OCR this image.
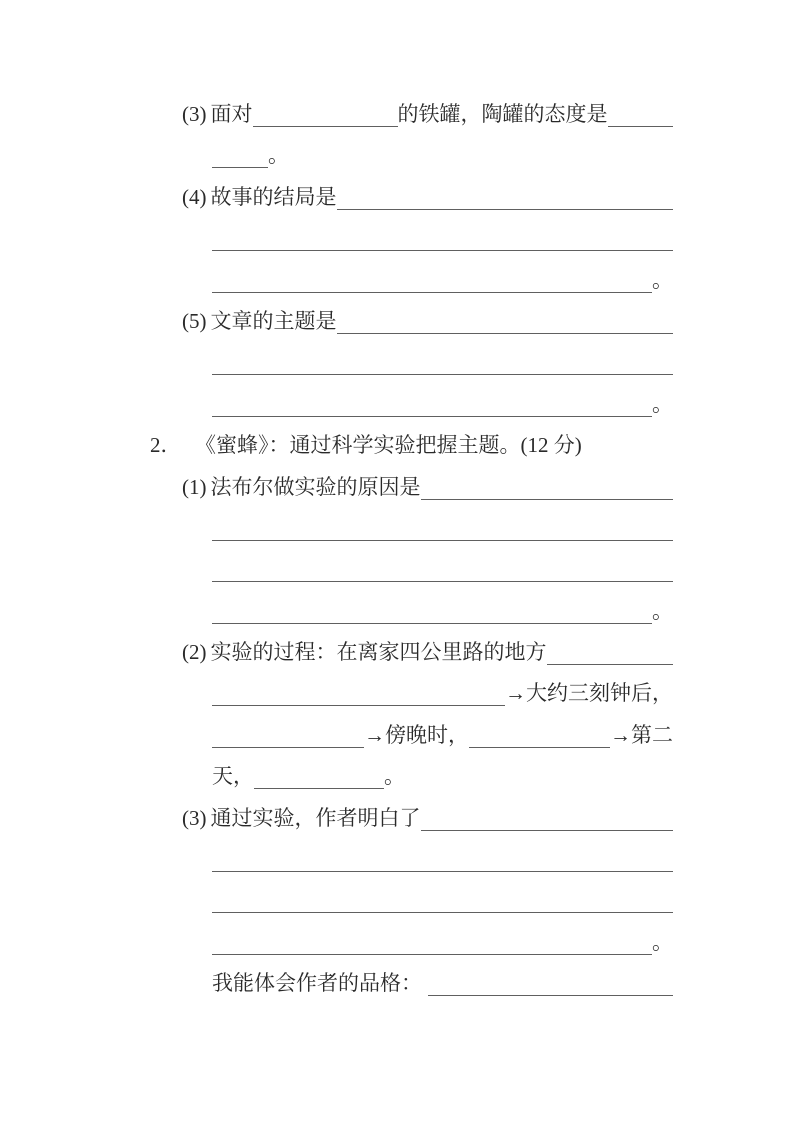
(3) 面对	的铁罐，陶罐的态度是
。
(4) 故事的结局是
。
(5) 文章的主题是
。
2． 《蜜蜂》：通过科学实验把握主题。(12 分)
(1) 法布尔做实验的原因是
。
(2) 实验的过程：在离家四公里路的地方
→大约三刻钟后，
→傍晚时，	→第二
天，	。
(3) 通过实验，作者明白了
。
我能体会作者的品格：
